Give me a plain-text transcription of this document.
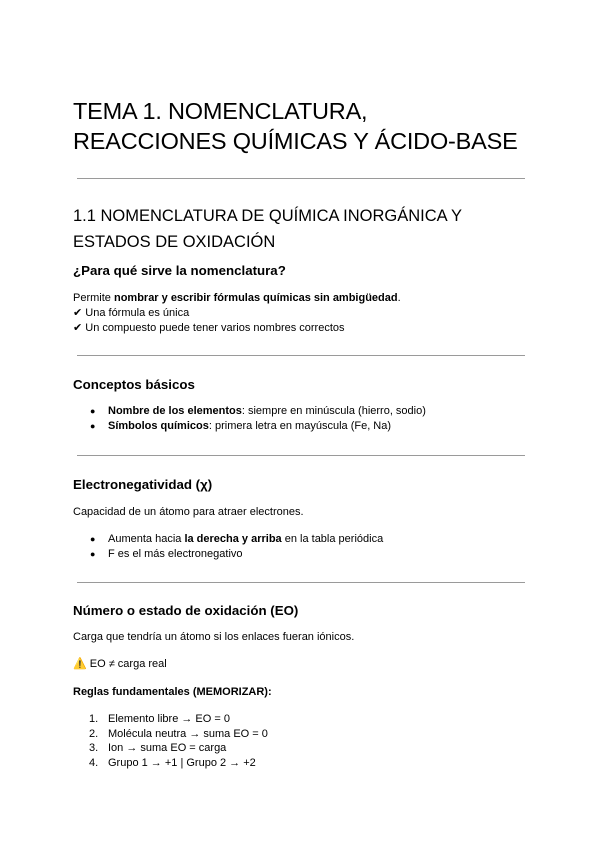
TEMA 1. NOMENCLATURA,
REACCIONES QUÍMICAS Y ÁCIDO-BASE
1.1 NOMENCLATURA DE QUÍMICA INORGÁNICA Y
ESTADOS DE OXIDACIÓN
¿Para qué sirve la nomenclatura?
Permite nombrar y escribir fórmulas químicas sin ambigüedad.
✔ Una fórmula es única
✔ Un compuesto puede tener varios nombres correctos
Conceptos básicos
● Nombre de los elementos: siempre en minúscula (hierro, sodio)
● Símbolos químicos: primera letra en mayúscula (Fe, Na)
Electronegatividad (χ)

Capacidad de un átomo para atraer electrones.

● Aumenta hacia la derecha y arriba en la tabla periódica
● F es el más electronegativo
Número o estado de oxidación (EO)

Carga que tendría un átomo si los enlaces fueran iónicos.

⚠️ EO ≠ carga real

Reglas fundamentales (MEMORIZAR):
1. Elemento libre → EO = 0
2. Molécula neutra → suma EO = 0
3. Ion → suma EO = carga
4. Grupo 1 → +1 | Grupo 2 → +2
